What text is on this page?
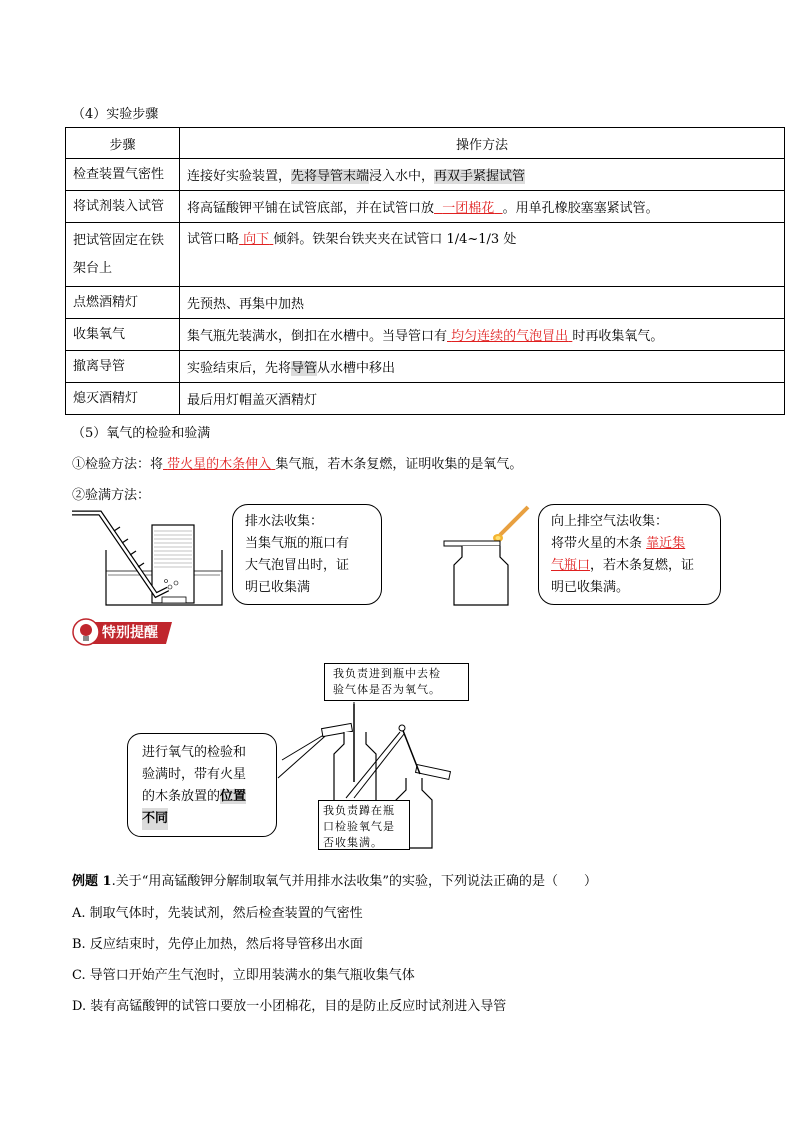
（4）实验步骤
步骤	操作方法
检查装置气密性	连接好实验装置，先将导管末端浸入水中，再双手紧握试管
将试剂装入试管	将高锰酸钾平铺在试管底部，并在试管口放 一团棉花 。用单孔橡胶塞塞紧试管。
把试管固定在铁
架台上	试管口略 向下 倾斜。铁架台铁夹夹在试管口 1/4~1/3 处
点燃酒精灯	先预热、再集中加热
收集氧气	集气瓶先装满水，倒扣在水槽中。当导管口有 均匀连续的气泡冒出 时再收集氧气。
撤离导管	实验结束后，先将导管从水槽中移出
熄灭酒精灯	最后用灯帽盖灭酒精灯
（5）氧气的检验和验满
①检验方法：将 带火星的木条伸入 集气瓶，若木条复燃，证明收集的是氧气。
②验满方法：
排水法收集：
当集气瓶的瓶口有
大气泡冒出时，证
明已收集满
向上排空气法收集：
将带火星的木条 靠近集
气瓶口，若木条复燃，证
明已收集满。
特别提醒
我负责进到瓶中去检
验气体是否为氧气。
进行氧气的检验和
验满时，带有火星
的木条放置的位置
不同
我负责蹲在瓶
口检验氧气是
否收集满。
例题 1.关于“用高锰酸钾分解制取氧气并用排水法收集”的实验，下列说法正确的是（　　）
A. 制取气体时，先装试剂，然后检查装置的气密性
B. 反应结束时，先停止加热，然后将导管移出水面
C. 导管口开始产生气泡时，立即用装满水的集气瓶收集气体
D. 装有高锰酸钾的试管口要放一小团棉花，目的是防止反应时试剂进入导管
